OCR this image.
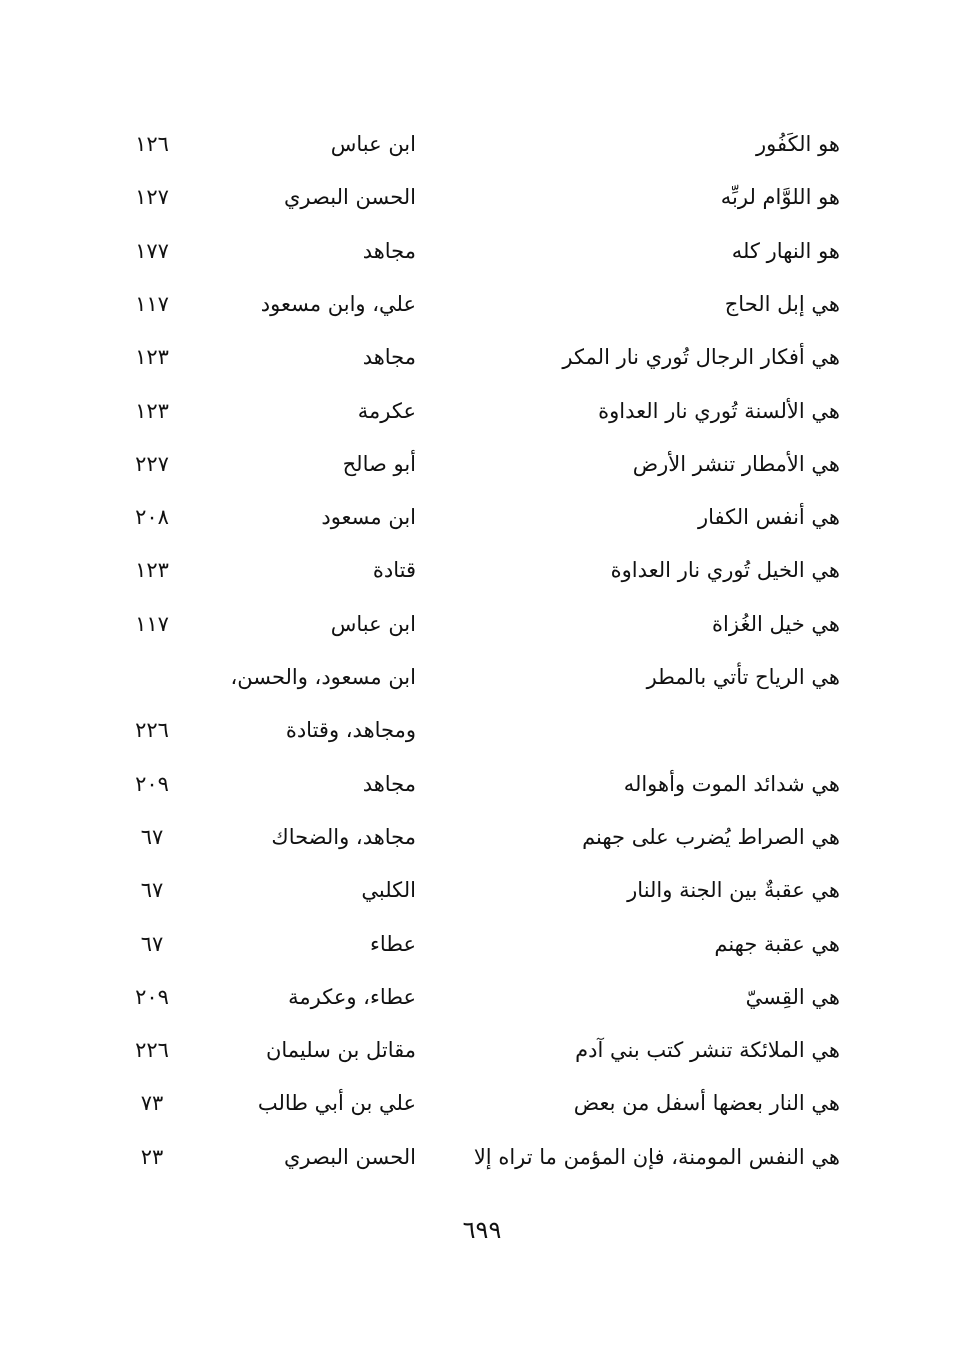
هو الكَفُور
ابن عباس
١٢٦
هو اللوَّام لربِّه
الحسن البصري
١٢٧
هو النهار كله
مجاهد
١٧٧
هي إبل الحاج
علي، وابن مسعود
١١٧
هي أفكار الرجال تُوري نار المكر
مجاهد
١٢٣
هي الألسنة تُوري نار العداوة
عكرمة
١٢٣
هي الأمطار تنشر الأرض
أبو صالح
٢٢٧
هي أنفس الكفار
ابن مسعود
٢٠٨
هي الخيل تُوري نار العداوة
قتادة
١٢٣
هي خيل الغُزاة
ابن عباس
١١٧
هي الرياح تأتي بالمطر
ابن مسعود، والحسن،
ومجاهد، وقتادة
٢٢٦
هي شدائد الموت وأهواله
مجاهد
٢٠٩
هي الصراط يُضرب على جهنم
مجاهد، والضحاك
٦٧
هي عقبةٌ بين الجنة والنار
الكلبي
٦٧
هي عقبة جهنم
عطاء
٦٧
هي القِسيّ
عطاء، وعكرمة
٢٠٩
هي الملائكة تنشر كتب بني آدم
مقاتل بن سليمان
٢٢٦
هي النار بعضها أسفل من بعض
علي بن أبي طالب
٧٣
هي النفس المومنة، فإن المؤمن ما تراه إلا
الحسن البصري
٢٣
٦٩٩
